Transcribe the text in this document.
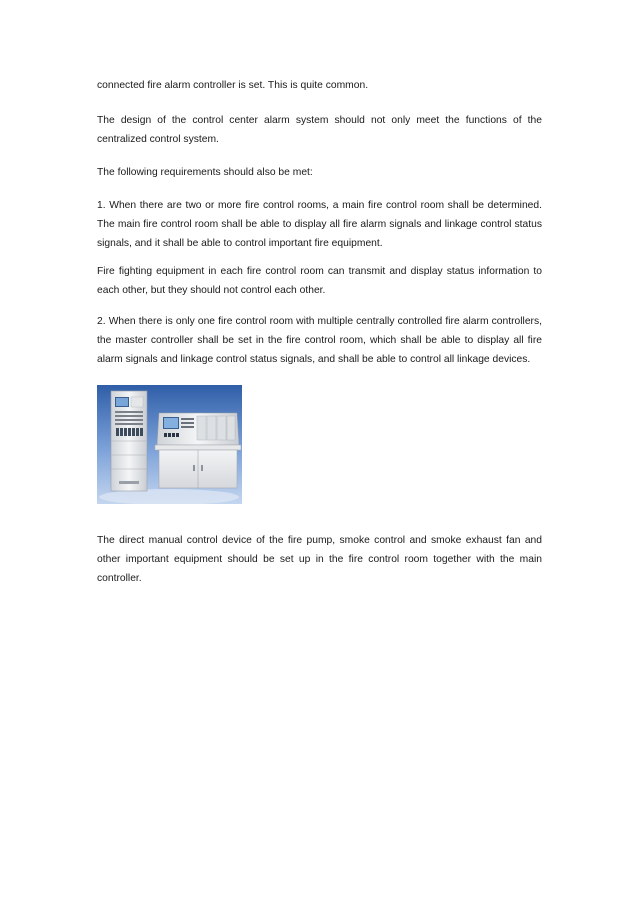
connected fire alarm controller is set. This is quite common.

The design of the control center alarm system should not only meet the functions of the centralized control system.

The following requirements should also be met:

1. When there are two or more fire control rooms, a main fire control room shall be determined. The main fire control room shall be able to display all fire alarm signals and linkage control status signals, and it shall be able to control important fire equipment.

Fire fighting equipment in each fire control room can transmit and display status information to each other, but they should not control each other.

2. When there is only one fire control room with multiple centrally controlled fire alarm controllers, the master controller shall be set in the fire control room, which shall be able to display all fire alarm signals and linkage control status signals, and shall be able to control all linkage devices.

The direct manual control device of the fire pump, smoke control and smoke exhaust fan and other important equipment should be set up in the fire control room together with the main controller.
